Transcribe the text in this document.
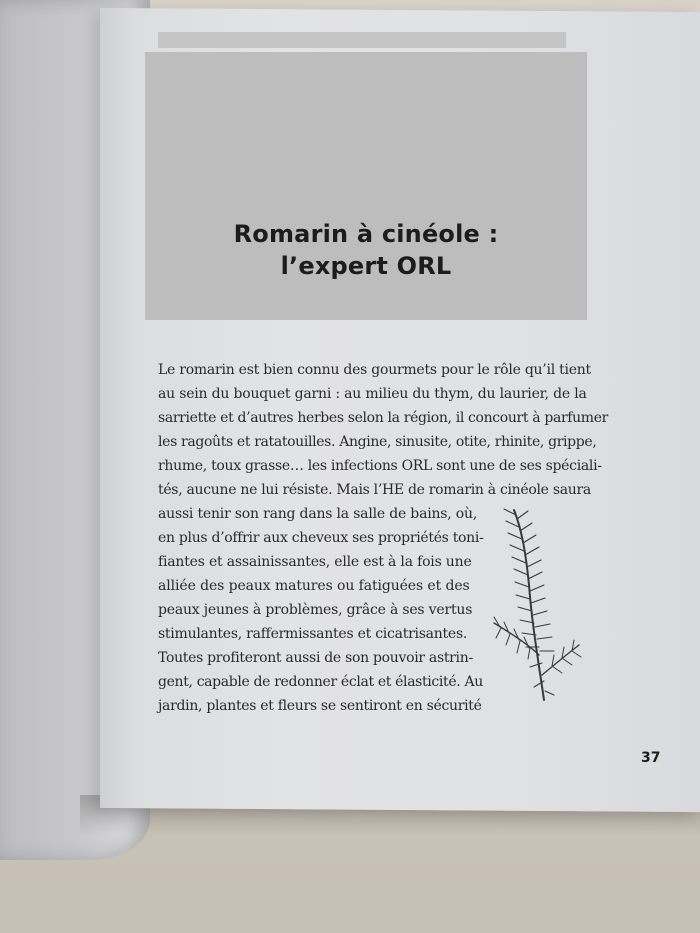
Romarin à cinéole :
l’expert ORL
Le romarin est bien connu des gourmets pour le rôle qu’il tient
au sein du bouquet garni : au milieu du thym, du laurier, de la
sarriette et d’autres herbes selon la région, il concourt à parfumer
les ragoûts et ratatouilles. Angine, sinusite, otite, rhinite, grippe,
rhume, toux grasse… les infections ORL sont une de ses spéciali-
tés, aucune ne lui résiste. Mais l’HE de romarin à cinéole saura
aussi tenir son rang dans la salle de bains, où,
en plus d’offrir aux cheveux ses propriétés toni-
fiantes et assainissantes, elle est à la fois une
alliée des peaux matures ou fatiguées et des
peaux jeunes à problèmes, grâce à ses vertus
stimulantes, raffermissantes et cicatrisantes.
Toutes profiteront aussi de son pouvoir astrin-
gent, capable de redonner éclat et élasticité. Au
jardin, plantes et fleurs se sentiront en sécurité
37
